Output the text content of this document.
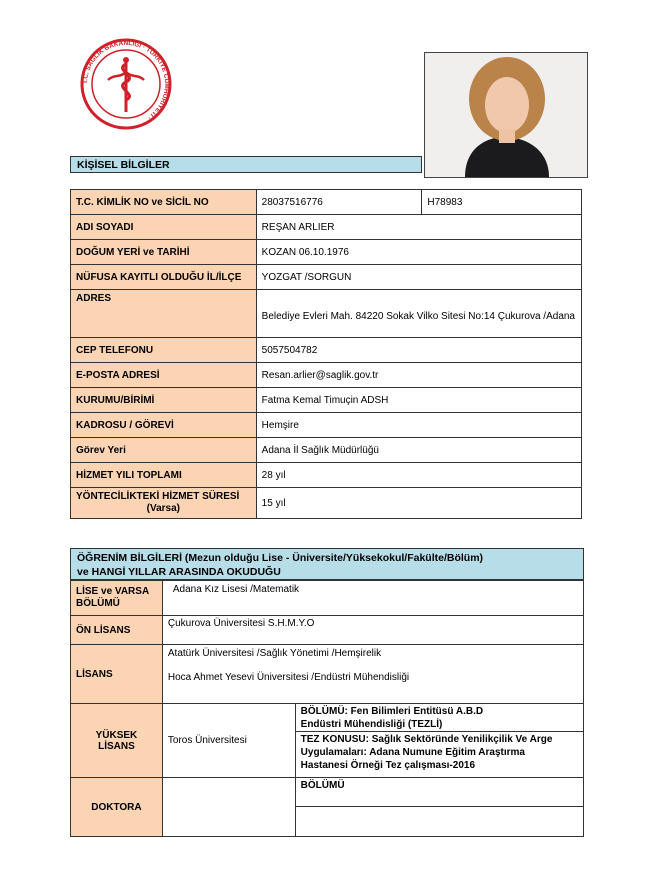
T.C. SAĞLIK BAKANLIĞI · TÜRKİYE CUMHURİYETİ ·
KİŞİSEL BİLGİLER
T.C. KİMLİK NO ve SİCİL NO	28037516776	H78983
ADI SOYADI	REŞAN ARLIER	
DOĞUM YERİ ve TARİHİ	KOZAN 06.10.1976	
NÜFUSA KAYITLI OLDUĞU İL/İLÇE	YOZGAT /SORGUN	
ADRES	Belediye Evleri Mah. 84220 Sokak Vilko Sitesi No:14 Çukurova /Adana	
CEP TELEFONU	5057504782	
E-POSTA ADRESİ	Resan.arlier@saglik.gov.tr	
KURUMU/BİRİMİ	Fatma Kemal Timuçin ADSH	
KADROSU / GÖREVİ	Hemşire	
Görev Yeri	Adana İl Sağlık Müdürlüğü	
HİZMET YILI TOPLAMI	28 yıl	

YÖNTECİLİKTEKİ HİZMET SÜRESİ
(Varsa)	15 yıl	
ÖĞRENİM BİLGİLERİ (Mezun olduğu Lise - Üniversite/Yüksekokul/Fakülte/Bölüm)
ve HANGİ YILLAR ARASINDA OKUDUĞU
LİSE ve VARSA
BÖLÜMÜ	Adana Kız Lisesi /Matematik	
ÖN LİSANS	Çukurova Üniversitesi S.H.M.Y.O	
LİSANS	Atatürk Üniversitesi /Sağlık Yönetimi /Hemşirelik
Hoca Ahmet Yesevi Üniversitesi /Endüstri Mühendisliği	

YÜKSEK LİSANS	Toros Üniversitesi	BÖLÜMÜ: Fen Bilimleri Entitüsü A.B.D
Endüstri Mühendisliği (TEZLİ)

		TEZ KONUSU: Sağlık Sektöründe Yenilikçilik Ve Arge
Uygulamaları: Adana Numune Eğitim Araştırma
Hastanesi Örneği Tez çalışması-2016

DOKTORA		BÖLÜMÜ
